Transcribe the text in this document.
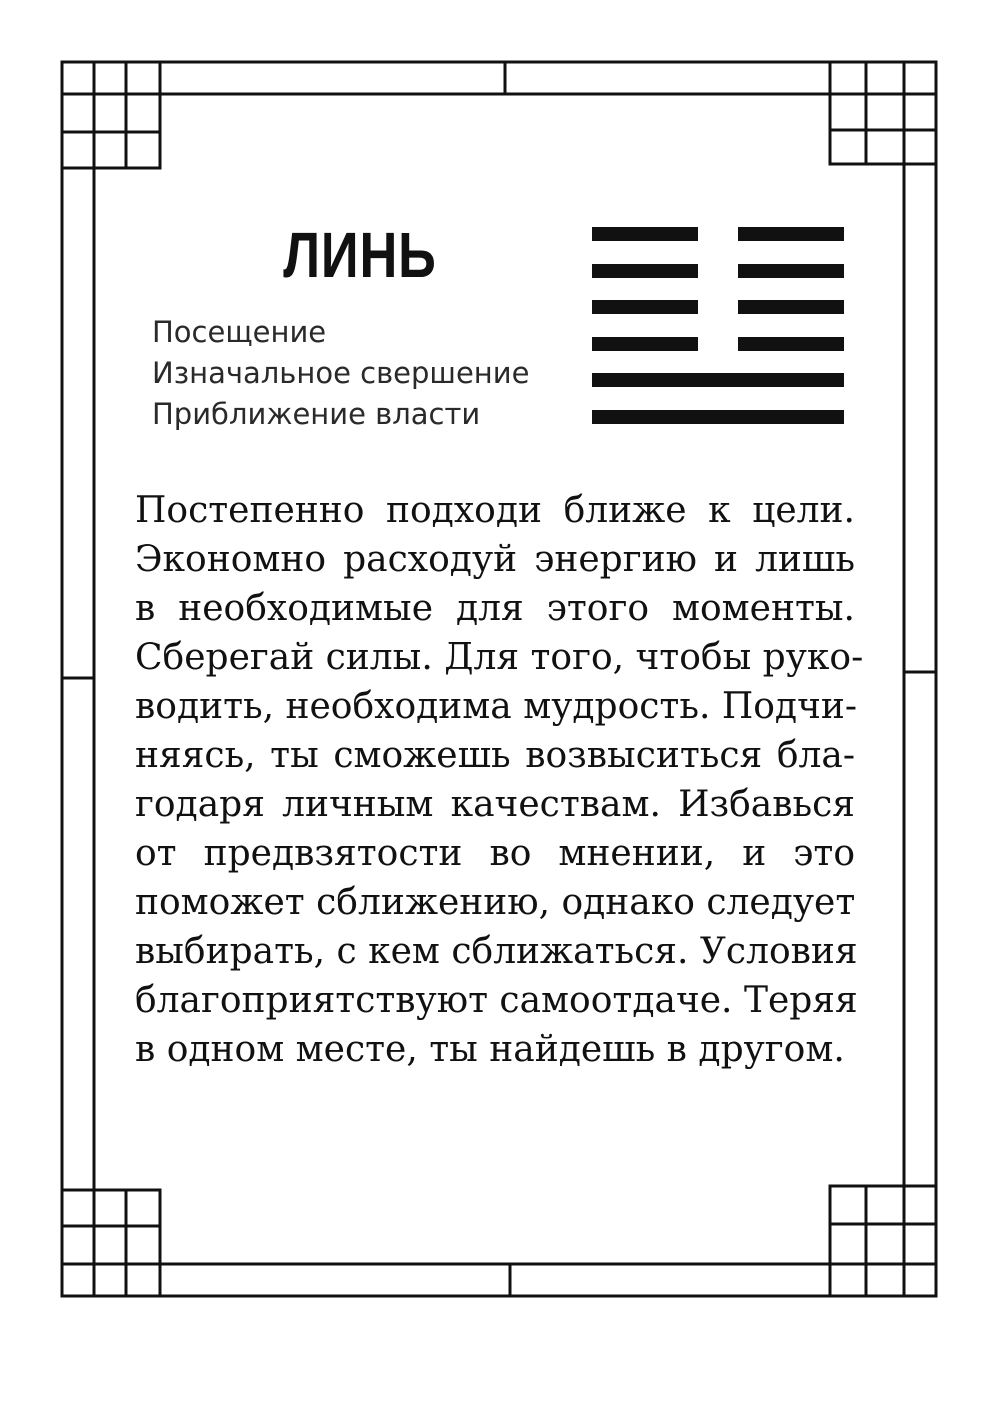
ЛИНЬ
Посещение
Изначальное свершение
Приближение власти
Постепенно подходи ближе к цели.
Экономно расходуй энергию и лишь
в необходимые для этого моменты.
Сберегай силы. Для того, чтобы руко-
водить, необходима мудрость. Подчи-
няясь, ты сможешь возвыситься бла-
годаря личным качествам. Избавься
от предвзятости во мнении, и это
поможет сближению, однако следует
выбирать, с кем сближаться. Условия
благоприятствуют самоотдаче. Теряя
в одном месте, ты найдешь в другом.
